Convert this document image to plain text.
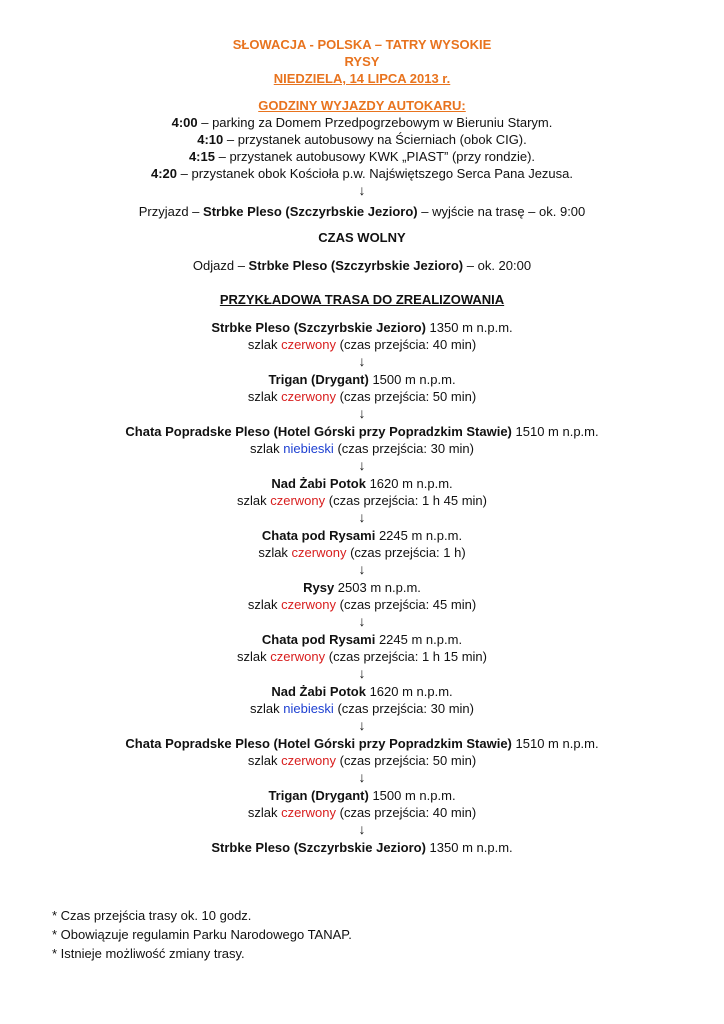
SŁOWACJA - POLSKA – TATRY WYSOKIE
RYSY
NIEDZIELA, 14 LIPCA 2013 r.
GODZINY WYJAZDY AUTOKARU:
4:00 – parking za Domem Przedpogrzebowym w Bieruniu Starym.
4:10 – przystanek autobusowy na Ścierniach (obok CIG).
4:15 – przystanek autobusowy KWK „PIAST” (przy rondzie).
4:20 – przystanek obok Kościoła p.w. Najświętszego Serca Pana Jezusa.
↓
Przyjazd – Strbke Pleso (Szczyrbskie Jezioro) – wyjście na trasę – ok. 9:00
CZAS WOLNY
Odjazd – Strbke Pleso (Szczyrbskie Jezioro) – ok. 20:00
PRZYKŁADOWA TRASA DO ZREALIZOWANIA
Strbke Pleso (Szczyrbskie Jezioro) 1350 m n.p.m.
szlak czerwony (czas przejścia: 40 min)
↓
Trigan (Drygant) 1500 m n.p.m.
szlak czerwony (czas przejścia: 50 min)
↓
Chata Popradske Pleso (Hotel Górski przy Popradzkim Stawie) 1510 m n.p.m.
szlak niebieski (czas przejścia: 30 min)
↓
Nad Żabi Potok 1620 m n.p.m.
szlak czerwony (czas przejścia: 1 h 45 min)
↓
Chata pod Rysami 2245 m n.p.m.
szlak czerwony (czas przejścia: 1 h)
↓
Rysy 2503 m n.p.m.
szlak czerwony (czas przejścia: 45 min)
↓
Chata pod Rysami 2245 m n.p.m.
szlak czerwony (czas przejścia: 1 h 15 min)
↓
Nad Żabi Potok 1620 m n.p.m.
szlak niebieski (czas przejścia: 30 min)
↓
Chata Popradske Pleso (Hotel Górski przy Popradzkim Stawie) 1510 m n.p.m.
szlak czerwony (czas przejścia: 50 min)
↓
Trigan (Drygant) 1500 m n.p.m.
szlak czerwony (czas przejścia: 40 min)
↓
Strbke Pleso (Szczyrbskie Jezioro) 1350 m n.p.m.
* Czas przejścia trasy ok. 10 godz.
* Obowiązuje regulamin Parku Narodowego TANAP.
* Istnieje możliwość zmiany trasy.
